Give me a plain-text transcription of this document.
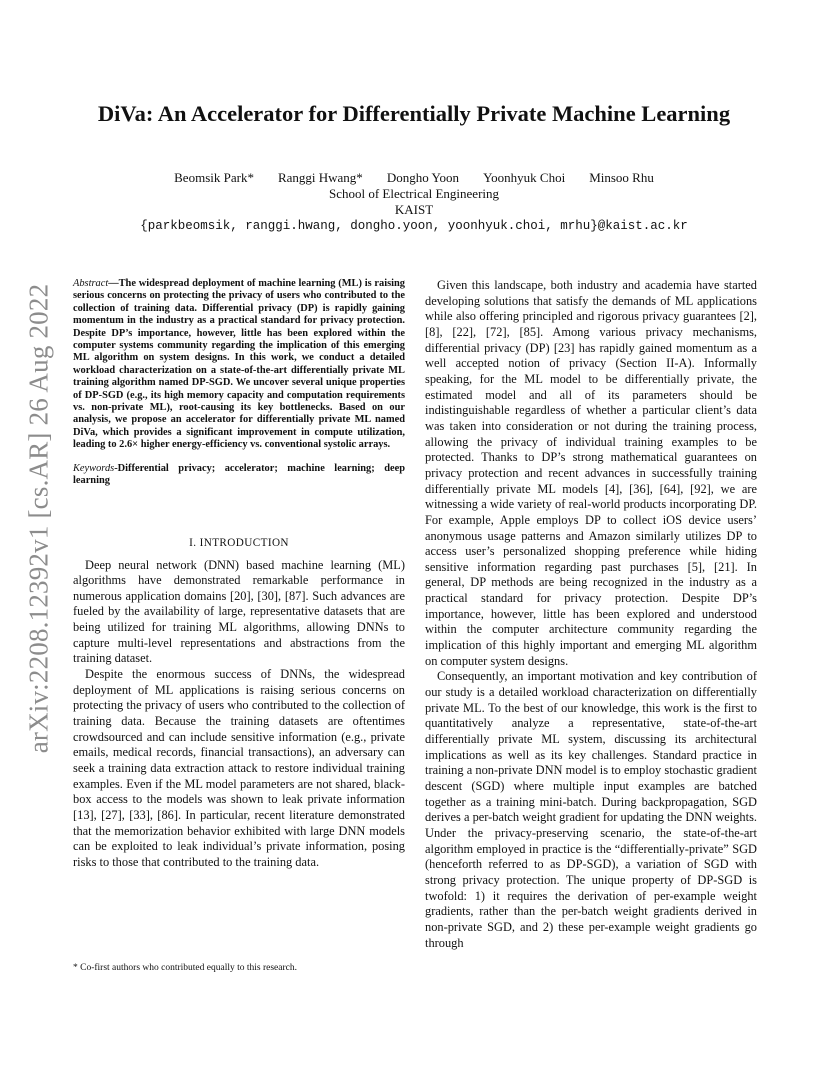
arXiv:2208.12392v1 [cs.AR] 26 Aug 2022
DiVa: An Accelerator for Differentially Private Machine Learning
Beomsik Park* Ranggi Hwang* Dongho Yoon Yoonhyuk Choi Minsoo Rhu
School of Electrical Engineering
KAIST
{parkbeomsik, ranggi.hwang, dongho.yoon, yoonhyuk.choi, mrhu}@kaist.ac.kr

Abstract—The widespread deployment of machine learning (ML) is raising serious concerns on protecting the privacy of users who contributed to the collection of training data. Differential privacy (DP) is rapidly gaining momentum in the industry as a practical standard for privacy protection. Despite DP’s importance, however, little has been explored within the computer systems community regarding the implication of this emerging ML algorithm on system designs. In this work, we conduct a detailed workload characterization on a state-of-the-art differentially private ML training algorithm named DP-SGD. We uncover several unique properties of DP-SGD (e.g., its high memory capacity and computation requirements vs. non-private ML), root-causing its key bottlenecks. Based on our analysis, we propose an accelerator for differentially private ML named DiVa, which provides a significant improvement in compute utilization, leading to 2.6× higher energy-efficiency vs. conventional systolic arrays.

Keywords-Differential privacy; accelerator; machine learning; deep learning

I. INTRODUCTION

Deep neural network (DNN) based machine learning (ML) algorithms have demonstrated remarkable performance in numerous application domains [20], [30], [87]. Such advances are fueled by the availability of large, representative datasets that are being utilized for training ML algorithms, allowing DNNs to capture multi-level representations and abstractions from the training dataset.

Despite the enormous success of DNNs, the widespread deployment of ML applications is raising serious concerns on protecting the privacy of users who contributed to the collection of training data. Because the training datasets are oftentimes crowdsourced and can include sensitive information (e.g., private emails, medical records, financial transactions), an adversary can seek a training data extraction attack to restore individual training examples. Even if the ML model parameters are not shared, black-box access to the models was shown to leak private information [13], [27], [33], [86]. In particular, recent literature demonstrated that the memorization behavior exhibited with large DNN models can be exploited to leak individual’s private information, posing risks to those that contributed to the training data.

Given this landscape, both industry and academia have started developing solutions that satisfy the demands of ML applications while also offering principled and rigorous privacy guarantees [2], [8], [22], [72], [85]. Among various privacy mechanisms, differential privacy (DP) [23] has rapidly gained momentum as a well accepted notion of privacy (Section II-A). Informally speaking, for the ML model to be differentially private, the estimated model and all of its parameters should be indistinguishable regardless of whether a particular client’s data was taken into consideration or not during the training process, allowing the privacy of individual training examples to be protected. Thanks to DP’s strong mathematical guarantees on privacy protection and recent advances in successfully training differentially private ML models [4], [36], [64], [92], we are witnessing a wide variety of real-world products incorporating DP. For example, Apple employs DP to collect iOS device users’ anonymous usage patterns and Amazon similarly utilizes DP to access user’s personalized shopping preference while hiding sensitive information regarding past purchases [5], [21]. In general, DP methods are being recognized in the industry as a practical standard for privacy protection. Despite DP’s importance, however, little has been explored and understood within the computer architecture community regarding the implication of this highly important and emerging ML algorithm on computer system designs.

Consequently, an important motivation and key contribution of our study is a detailed workload characterization on differentially private ML. To the best of our knowledge, this work is the first to quantitatively analyze a representative, state-of-the-art differentially private ML system, discussing its architectural implications as well as its key challenges. Standard practice in training a non-private DNN model is to employ stochastic gradient descent (SGD) where multiple input examples are batched together as a training mini-batch. During backpropagation, SGD derives a per-batch weight gradient for updating the DNN weights. Under the privacy-preserving scenario, the state-of-the-art algorithm employed in practice is the “differentially-private” SGD (henceforth referred to as DP-SGD), a variation of SGD with strong privacy protection. The unique property of DP-SGD is twofold: 1) it requires the derivation of per-example weight gradients, rather than the per-batch weight gradients derived in non-private SGD, and 2) these per-example weight gradients go through

* Co-first authors who contributed equally to this research.
